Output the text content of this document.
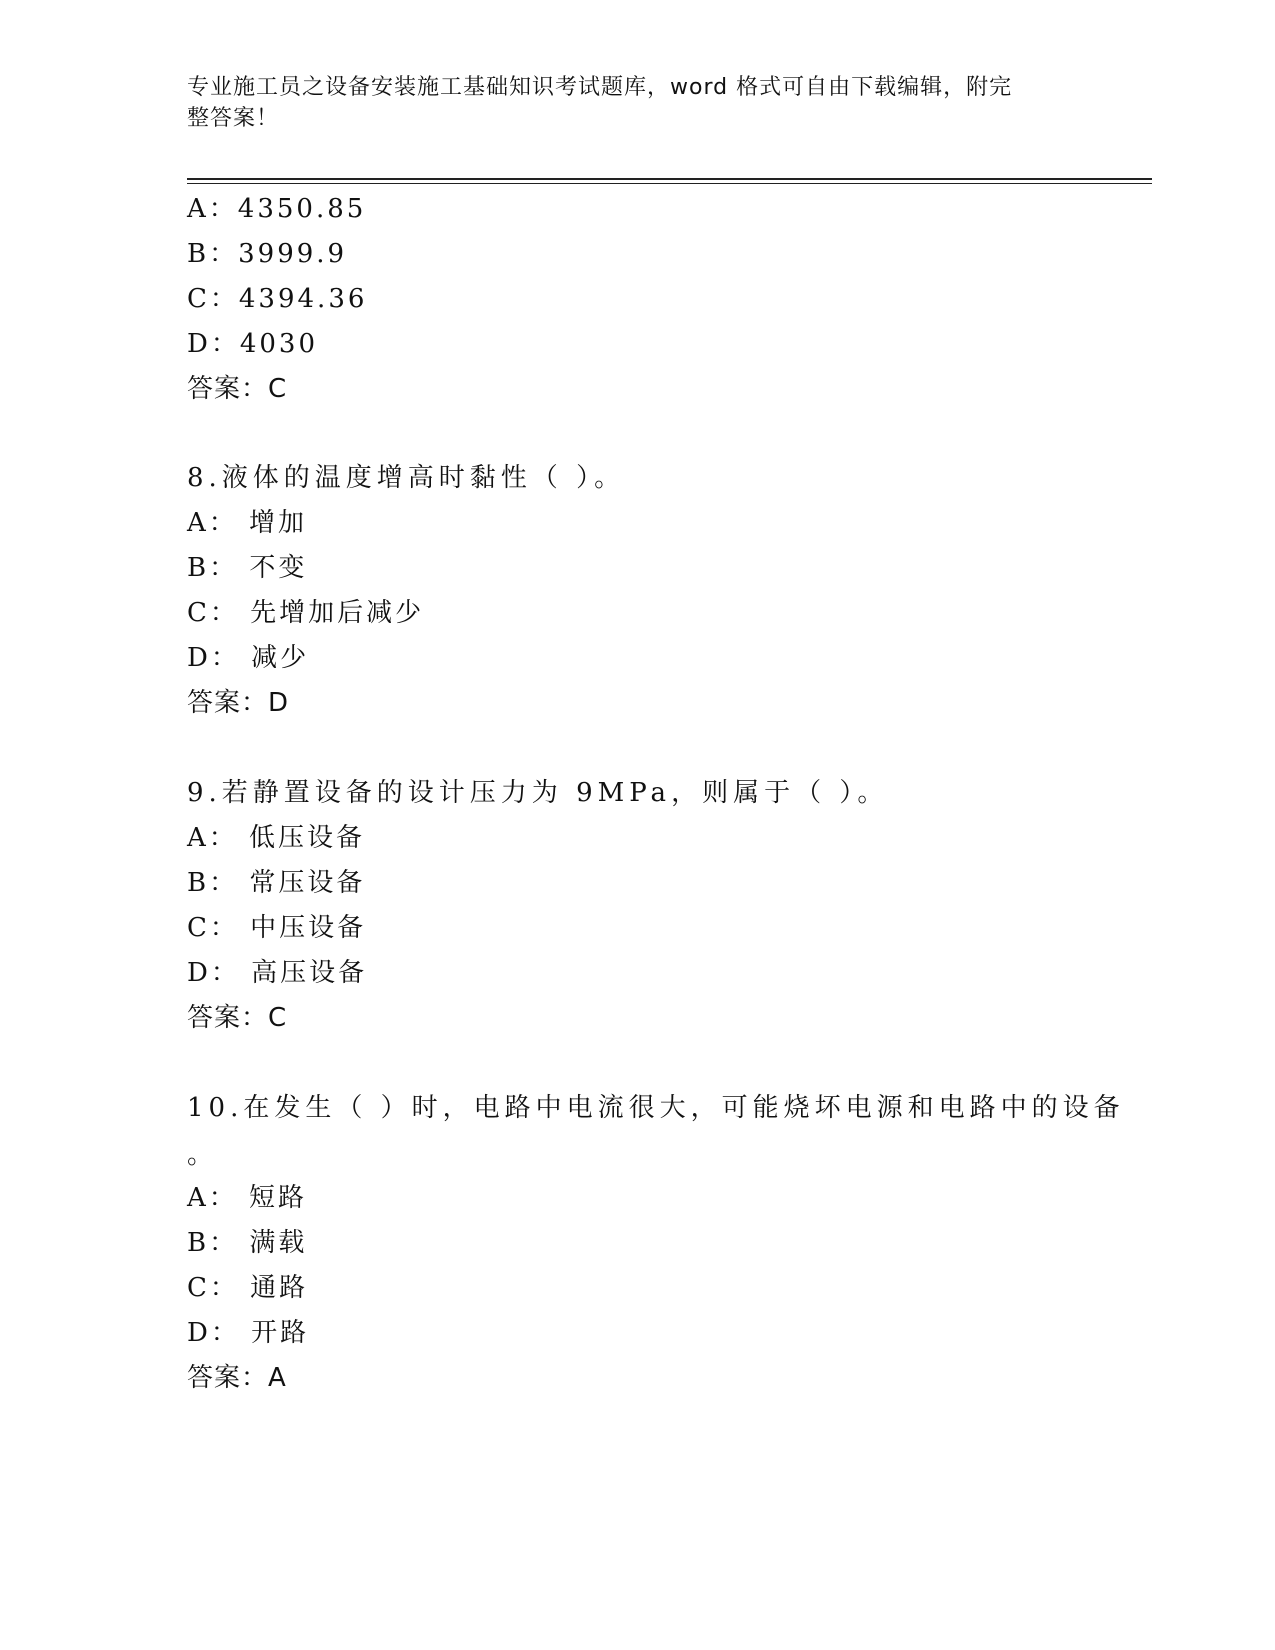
专业施工员之设备安装施工基础知识考试题库，word 格式可自由下载编辑，附完
整答案！
A：4350.85
B：3999.9
C：4394.36
D：4030
答案：C
8.液体的温度增高时黏性（ ）。
A： 增加
B： 不变
C： 先增加后减少
D： 减少
答案：D
9.若静置设备的设计压力为 9MPa，则属于（ ）。
A： 低压设备
B： 常压设备
C： 中压设备
D： 高压设备
答案：C
10.在发生（ ）时，电路中电流很大，可能烧坏电源和电路中的设备
。
A： 短路
B： 满载
C： 通路
D： 开路
答案：A
